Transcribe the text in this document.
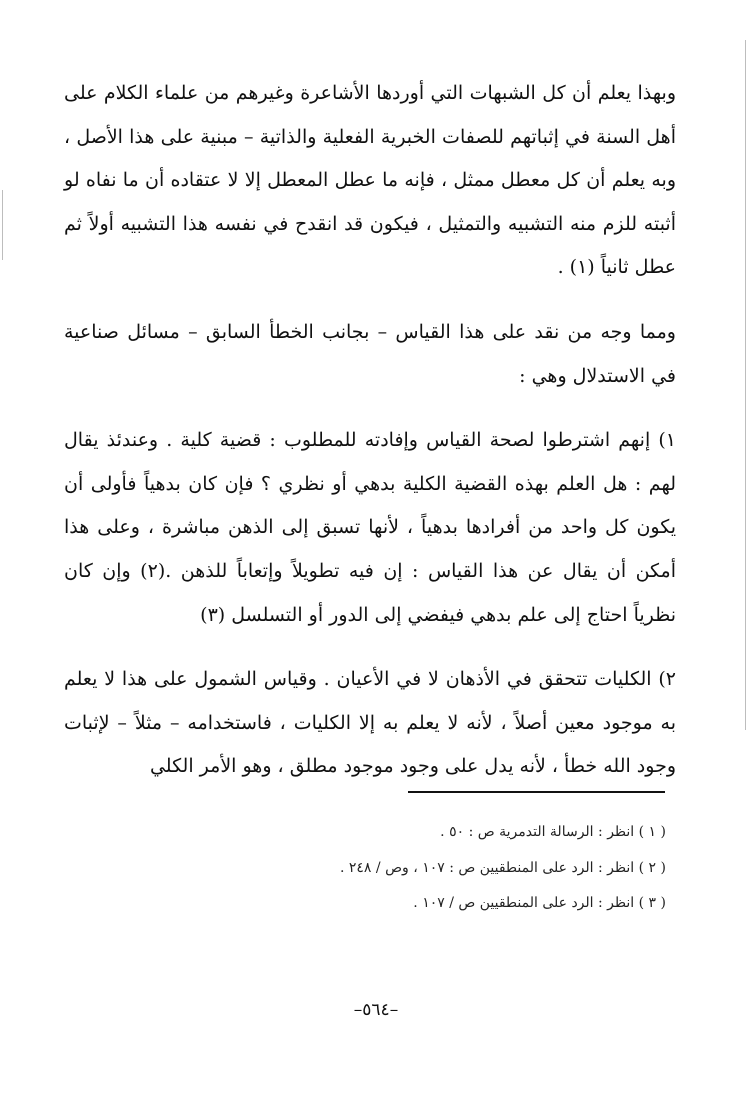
وبهذا يعلم أن كل الشبهات التي أوردها الأشاعرة وغيرهم من علماء الكلام على أهل السنة في إثباتهم للصفات الخبرية الفعلية والذاتية – مبنية على هذا الأصل ، وبه يعلم أن كل معطل ممثل ، فإنه ما عطل المعطل إلا لا عتقاده أن ما نفاه لو أثبته للزم منه التشبيه والتمثيل ، فيكون قد انقدح في نفسه هذا التشبيه أولاً ثم عطل ثانياً (١) .

ومما وجه من نقد على هذا القياس – بجانب الخطأ السابق – مسائل صناعية في الاستدلال وهي :

١) إنهم اشترطوا لصحة القياس وإفادته للمطلوب : قضية كلية . وعندئذ يقال لهم : هل العلم بهذه القضية الكلية بدهي أو نظري ؟ فإن كان بدهياً فأولى أن يكون كل واحد من أفرادها بدهياً ، لأنها تسبق إلى الذهن مباشرة ، وعلى هذا أمكن أن يقال عن هذا القياس : إن فيه تطويلاً وإتعاباً للذهن .(٢) وإن كان نظرياً احتاج إلى علم بدهي فيفضي إلى الدور أو التسلسل (٣)

٢) الكليات تتحقق في الأذهان لا في الأعيان . وقياس الشمول على هذا لا يعلم به موجود معين أصلاً ، لأنه لا يعلم به إلا الكليات ، فاستخدامه – مثلاً – لإثبات وجود الله خطأ ، لأنه يدل على وجود موجود مطلق ، وهو الأمر الكلي

( ١ ) انظر : الرسالة التدمرية ص : ٥٠ .

( ٢ ) انظر : الرد على المنطقيين ص : ١٠٧ ، وص / ٢٤٨ .

( ٣ ) انظر : الرد على المنطقيين ص / ١٠٧ .

–٥٦٤–
